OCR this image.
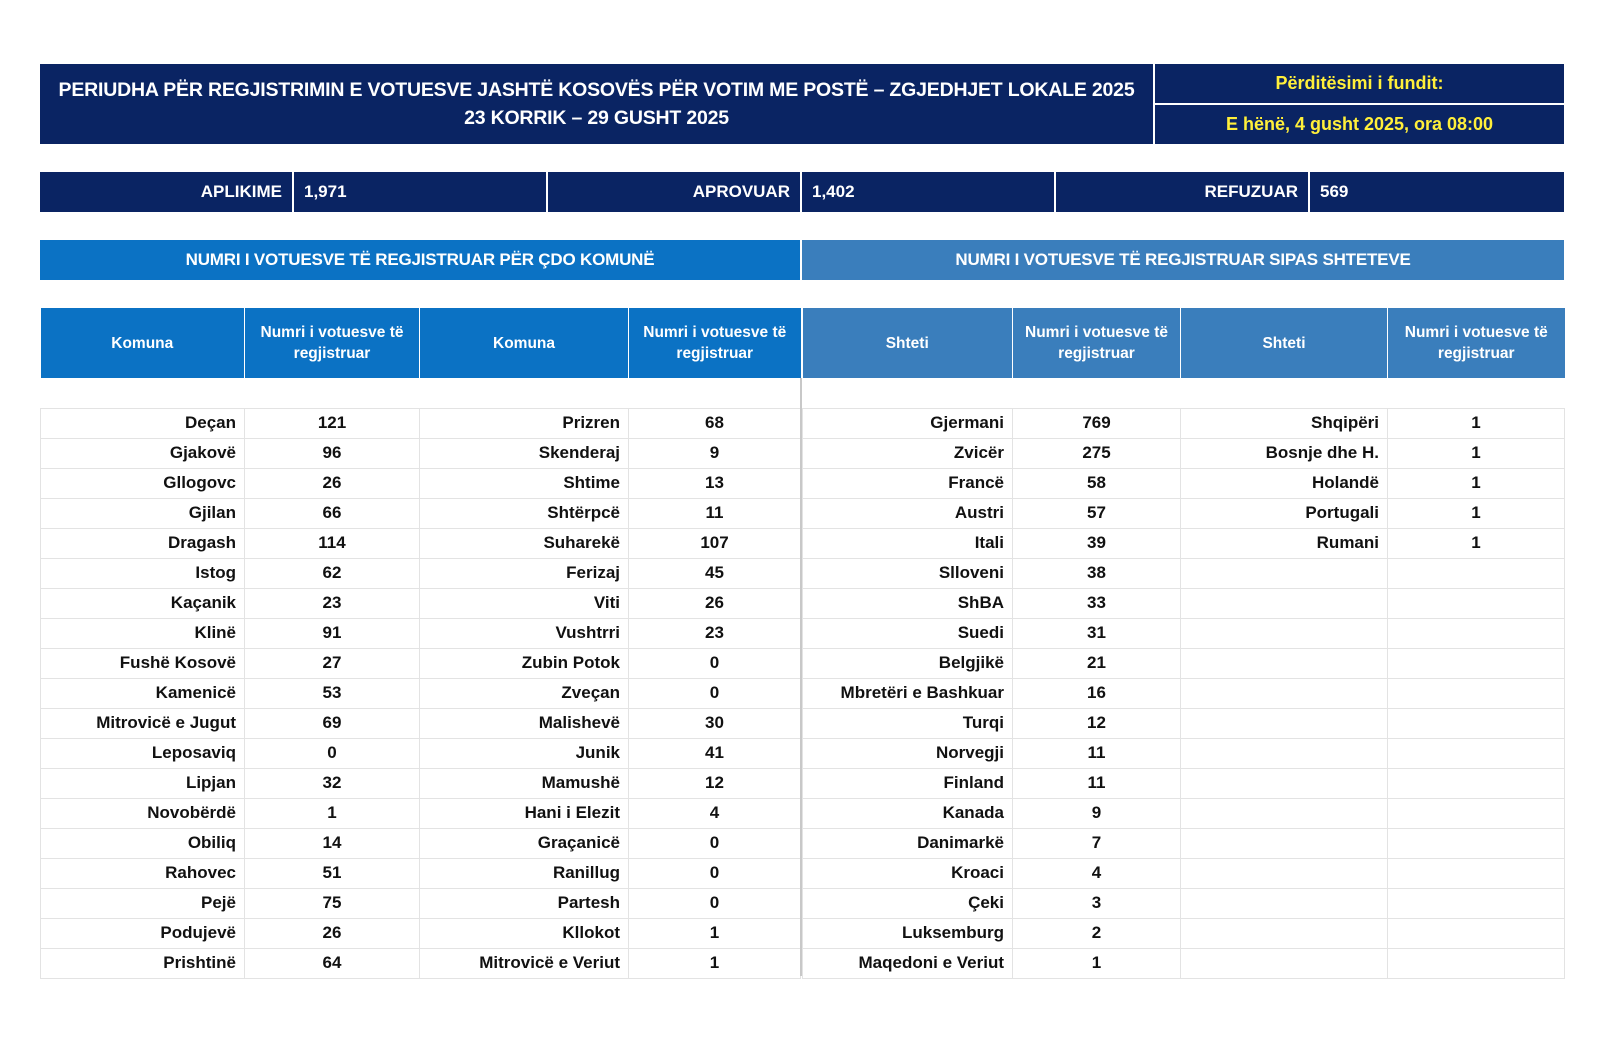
PERIUDHA PËR REGJISTRIMIN E VOTUESVE JASHTË KOSOVËS PËR VOTIM ME POSTË – ZGJEDHJET LOKALE 2025
23 KORRIK – 29 GUSHT 2025
Përditësimi i fundit:
E hënë, 4 gusht 2025, ora 08:00
APLIKIME	1,971	APROVUAR	1,402	REFUZUAR	569
NUMRI I VOTUESVE TË REGJISTRUAR PËR ÇDO KOMUNË	NUMRI I VOTUESVE TË REGJISTRUAR SIPAS SHTETEVE
Komuna	Numri i votuesve të regjistruar	Komuna	Numri i votuesve të regjistruar

Deçan	121	Prizren	68
Gjakovë	96	Skenderaj	9
Gllogovc	26	Shtime	13
Gjilan	66	Shtërpcë	11
Dragash	114	Suharekë	107
Istog	62	Ferizaj	45
Kaçanik	23	Viti	26
Klinë	91	Vushtrri	23
Fushë Kosovë	27	Zubin Potok	0
Kamenicë	53	Zveçan	0
Mitrovicë e Jugut	69	Malishevë	30
Leposaviq	0	Junik	41
Lipjan	32	Mamushë	12
Novobërdë	1	Hani i Elezit	4
Obiliq	14	Graçanicë	0
Rahovec	51	Ranillug	0
Pejë	75	Partesh	0
Podujevë	26	Kllokot	1
Prishtinë	64	Mitrovicë e Veriut	1
Shteti	Numri i votuesve të regjistruar	Shteti	Numri i votuesve të regjistruar

Gjermani	769	Shqipëri	1
Zvicër	275	Bosnje dhe H.	1
Francë	58	Holandë	1
Austri	57	Portugali	1
Itali	39	Rumani	1
Slloveni	38		
ShBA	33		
Suedi	31		
Belgjikë	21		
Mbretëri e Bashkuar	16		
Turqi	12		
Norvegji	11		
Finland	11		
Kanada	9		
Danimarkë	7		
Kroaci	4		
Çeki	3		
Luksemburg	2		
Maqedoni e Veriut	1		
